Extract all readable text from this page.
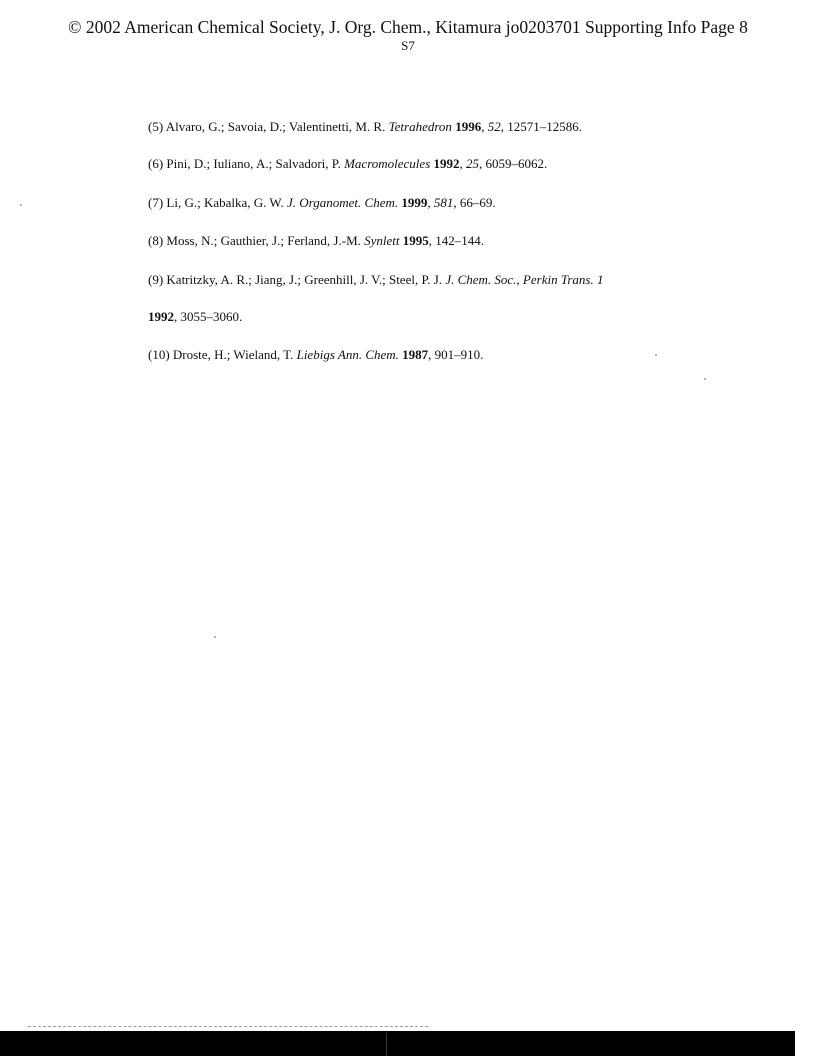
© 2002 American Chemical Society, J. Org. Chem., Kitamura jo0203701 Supporting Info Page 8
S7
(5) Alvaro, G.; Savoia, D.; Valentinetti, M. R. Tetrahedron 1996, 52, 12571–12586.
(6) Pini, D.; Iuliano, A.; Salvadori, P. Macromolecules 1992, 25, 6059–6062.
(7) Li, G.; Kabalka, G. W. J. Organomet. Chem. 1999, 581, 66–69.
(8) Moss, N.; Gauthier, J.; Ferland, J.-M. Synlett 1995, 142–144.
(9) Katritzky, A. R.; Jiang, J.; Greenhill, J. V.; Steel, P. J. J. Chem. Soc., Perkin Trans. 1
1992, 3055–3060.
(10) Droste, H.; Wieland, T. Liebigs Ann. Chem. 1987, 901–910.
